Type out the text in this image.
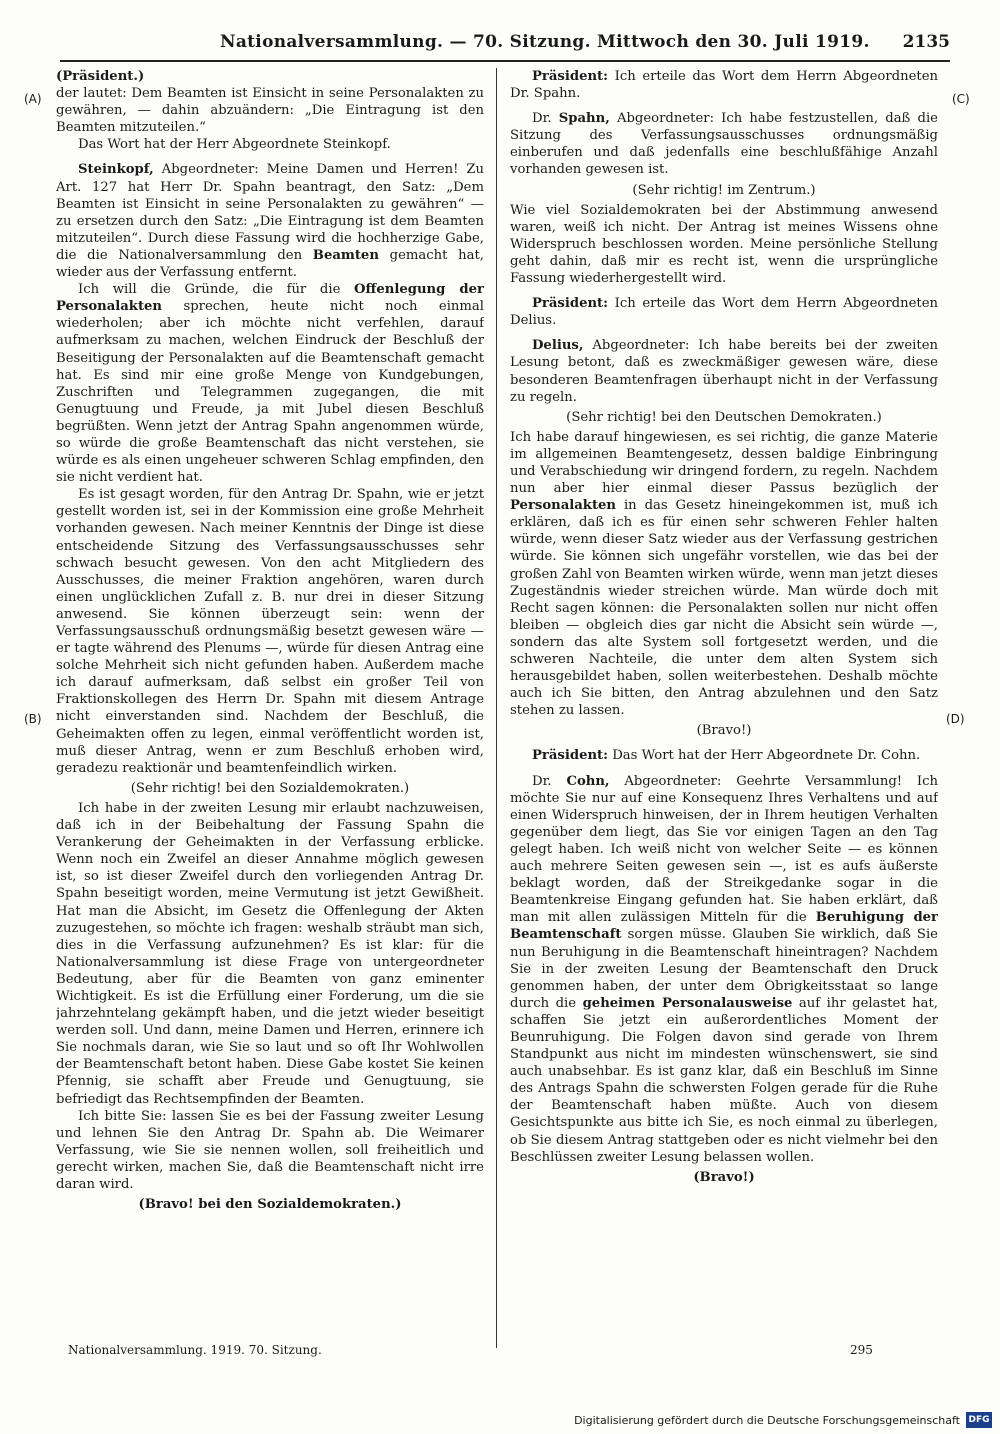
Nationalversammlung. — 70. Sitzung. Mittwoch den 30. Juli 1919. 2135
(A)
(B)
(C)
(D)

(Präsident.)

der lautet: Dem Beamten ist Einsicht in seine Personalakten zu gewähren, — dahin abzuändern: „Die Eintragung ist den Beamten mitzuteilen.“

Das Wort hat der Herr Abgeordnete Steinkopf.

Steinkopf, Abgeordneter: Meine Damen und Herren! Zu Art. 127 hat Herr Dr. Spahn beantragt, den Satz: „Dem Beamten ist Einsicht in seine Personalakten zu gewähren“ — zu ersetzen durch den Satz: „Die Eintragung ist dem Beamten mitzuteilen“. Durch diese Fassung wird die hochherzige Gabe, die die Nationalversammlung den Beamten gemacht hat, wieder aus der Verfassung entfernt.

Ich will die Gründe, die für die Offenlegung der Personalakten sprechen, heute nicht noch einmal wiederholen; aber ich möchte nicht verfehlen, darauf aufmerksam zu machen, welchen Eindruck der Beschluß der Beseitigung der Personalakten auf die Beamtenschaft gemacht hat. Es sind mir eine große Menge von Kundgebungen, Zuschriften und Telegrammen zugegangen, die mit Genugtuung und Freude, ja mit Jubel diesen Beschluß begrüßten. Wenn jetzt der Antrag Spahn angenommen würde, so würde die große Beamtenschaft das nicht verstehen, sie würde es als einen ungeheuer schweren Schlag empfinden, den sie nicht verdient hat.

Es ist gesagt worden, für den Antrag Dr. Spahn, wie er jetzt gestellt worden ist, sei in der Kommission eine große Mehrheit vorhanden gewesen. Nach meiner Kenntnis der Dinge ist diese entscheidende Sitzung des Verfassungsausschusses sehr schwach besucht gewesen. Von den acht Mitgliedern des Ausschusses, die meiner Fraktion angehören, waren durch einen unglücklichen Zufall z. B. nur drei in dieser Sitzung anwesend. Sie können überzeugt sein: wenn der Verfassungsausschuß ordnungsmäßig besetzt gewesen wäre — er tagte während des Plenums —, würde für diesen Antrag eine solche Mehrheit sich nicht gefunden haben. Außerdem mache ich darauf aufmerksam, daß selbst ein großer Teil von Fraktionskollegen des Herrn Dr. Spahn mit diesem Antrage nicht einverstanden sind. Nachdem der Beschluß, die Geheimakten offen zu legen, einmal veröffentlicht worden ist, muß dieser Antrag, wenn er zum Beschluß erhoben wird, geradezu reaktionär und beamtenfeindlich wirken.

(Sehr richtig! bei den Sozialdemokraten.)

Ich habe in der zweiten Lesung mir erlaubt nachzuweisen, daß ich in der Beibehaltung der Fassung Spahn die Verankerung der Geheimakten in der Verfassung erblicke. Wenn noch ein Zweifel an dieser Annahme möglich gewesen ist, so ist dieser Zweifel durch den vorliegenden Antrag Dr. Spahn beseitigt worden, meine Vermutung ist jetzt Gewißheit. Hat man die Absicht, im Gesetz die Offenlegung der Akten zuzugestehen, so möchte ich fragen: weshalb sträubt man sich, dies in die Verfassung aufzunehmen? Es ist klar: für die Nationalversammlung ist diese Frage von untergeordneter Bedeutung, aber für die Beamten von ganz eminenter Wichtigkeit. Es ist die Erfüllung einer Forderung, um die sie jahrzehntelang gekämpft haben, und die jetzt wieder beseitigt werden soll. Und dann, meine Damen und Herren, erinnere ich Sie nochmals daran, wie Sie so laut und so oft Ihr Wohlwollen der Beamtenschaft betont haben. Diese Gabe kostet Sie keinen Pfennig, sie schafft aber Freude und Genugtuung, sie befriedigt das Rechtsempfinden der Beamten.

Ich bitte Sie: lassen Sie es bei der Fassung zweiter Lesung und lehnen Sie den Antrag Dr. Spahn ab. Die Weimarer Verfassung, wie Sie sie nennen wollen, soll freiheitlich und gerecht wirken, machen Sie, daß die Beamtenschaft nicht irre daran wird.

(Bravo! bei den Sozialdemokraten.)

Präsident: Ich erteile das Wort dem Herrn Abgeordneten Dr. Spahn.

Dr. Spahn, Abgeordneter: Ich habe festzustellen, daß die Sitzung des Verfassungsausschusses ordnungsmäßig einberufen und daß jedenfalls eine beschlußfähige Anzahl vorhanden gewesen ist.

(Sehr richtig! im Zentrum.)

Wie viel Sozialdemokraten bei der Abstimmung anwesend waren, weiß ich nicht. Der Antrag ist meines Wissens ohne Widerspruch beschlossen worden. Meine persönliche Stellung geht dahin, daß mir es recht ist, wenn die ursprüngliche Fassung wiederhergestellt wird.

Präsident: Ich erteile das Wort dem Herrn Abgeordneten Delius.

Delius, Abgeordneter: Ich habe bereits bei der zweiten Lesung betont, daß es zweckmäßiger gewesen wäre, diese besonderen Beamtenfragen überhaupt nicht in der Verfassung zu regeln.

(Sehr richtig! bei den Deutschen Demokraten.)

Ich habe darauf hingewiesen, es sei richtig, die ganze Materie im allgemeinen Beamtengesetz, dessen baldige Einbringung und Verabschiedung wir dringend fordern, zu regeln. Nachdem nun aber hier einmal dieser Passus bezüglich der Personalakten in das Gesetz hineingekommen ist, muß ich erklären, daß ich es für einen sehr schweren Fehler halten würde, wenn dieser Satz wieder aus der Verfassung gestrichen würde. Sie können sich ungefähr vorstellen, wie das bei der großen Zahl von Beamten wirken würde, wenn man jetzt dieses Zugeständnis wieder streichen würde. Man würde doch mit Recht sagen können: die Personalakten sollen nur nicht offen bleiben — obgleich dies gar nicht die Absicht sein würde —, sondern das alte System soll fortgesetzt werden, und die schweren Nachteile, die unter dem alten System sich herausgebildet haben, sollen weiterbestehen. Deshalb möchte auch ich Sie bitten, den Antrag abzulehnen und den Satz stehen zu lassen.

(Bravo!)

Präsident: Das Wort hat der Herr Abgeordnete Dr. Cohn.

Dr. Cohn, Abgeordneter: Geehrte Versammlung! Ich möchte Sie nur auf eine Konsequenz Ihres Verhaltens und auf einen Widerspruch hinweisen, der in Ihrem heutigen Verhalten gegenüber dem liegt, das Sie vor einigen Tagen an den Tag gelegt haben. Ich weiß nicht von welcher Seite — es können auch mehrere Seiten gewesen sein —, ist es aufs äußerste beklagt worden, daß der Streikgedanke sogar in die Beamtenkreise Eingang gefunden hat. Sie haben erklärt, daß man mit allen zulässigen Mitteln für die Beruhigung der Beamtenschaft sorgen müsse. Glauben Sie wirklich, daß Sie nun Beruhigung in die Beamtenschaft hineintragen? Nachdem Sie in der zweiten Lesung der Beamtenschaft den Druck genommen haben, der unter dem Obrigkeitsstaat so lange durch die geheimen Personalausweise auf ihr gelastet hat, schaffen Sie jetzt ein außerordentliches Moment der Beunruhigung. Die Folgen davon sind gerade von Ihrem Standpunkt aus nicht im mindesten wünschenswert, sie sind auch unabsehbar. Es ist ganz klar, daß ein Beschluß im Sinne des Antrags Spahn die schwersten Folgen gerade für die Ruhe der Beamtenschaft haben müßte. Auch von diesem Gesichtspunkte aus bitte ich Sie, es noch einmal zu überlegen, ob Sie diesem Antrag stattgeben oder es nicht vielmehr bei den Beschlüssen zweiter Lesung belassen wollen.

(Bravo!)

Nationalversammlung. 1919. 70. Sitzung.	295
Digitalisierung gefördert durch die Deutsche Forschungsgemeinschaft DFG
